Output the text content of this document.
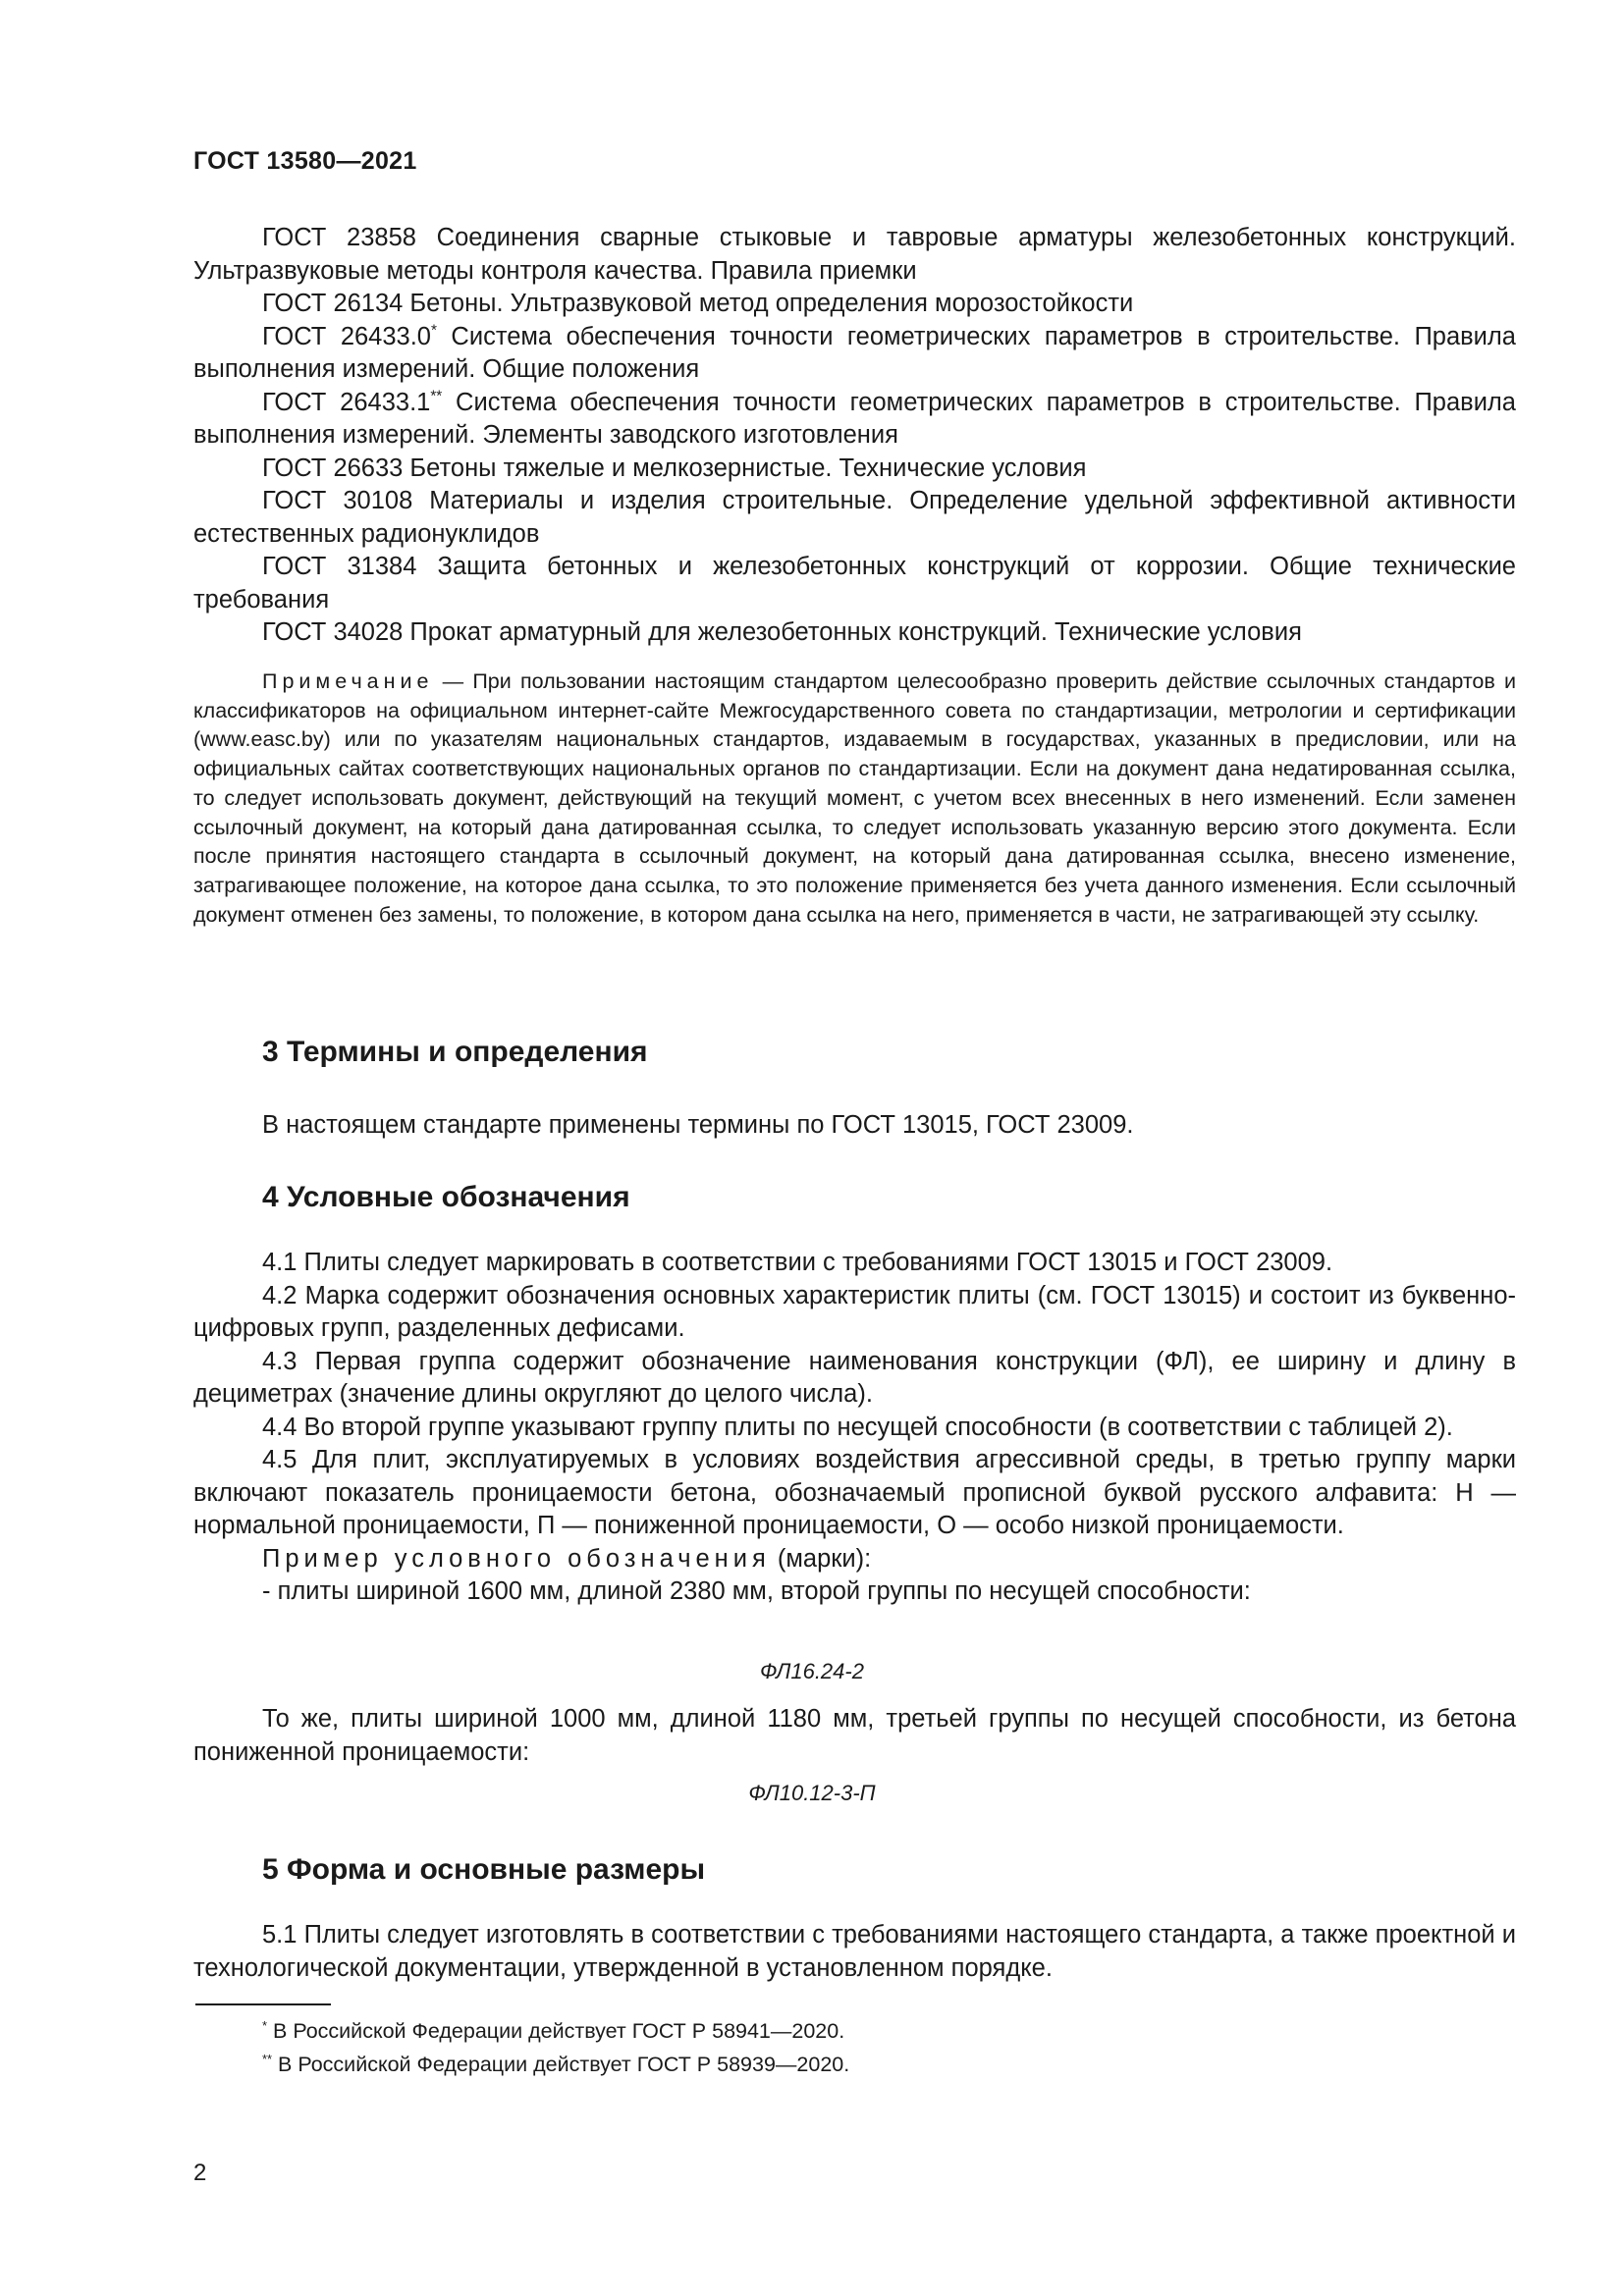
ГОСТ 13580—2021

ГОСТ 23858 Соединения сварные стыковые и тавровые арматуры железобетонных конструкций. Ультразвуковые методы контроля качества. Правила приемки

ГОСТ 26134 Бетоны. Ультразвуковой метод определения морозостойкости

ГОСТ 26433.0* Система обеспечения точности геометрических параметров в строительстве. Правила выполнения измерений. Общие положения

ГОСТ 26433.1** Система обеспечения точности геометрических параметров в строительстве. Правила выполнения измерений. Элементы заводского изготовления

ГОСТ 26633 Бетоны тяжелые и мелкозернистые. Технические условия

ГОСТ 30108 Материалы и изделия строительные. Определение удельной эффективной активности естественных радионуклидов

ГОСТ 31384 Защита бетонных и железобетонных конструкций от коррозии. Общие технические требования

ГОСТ 34028 Прокат арматурный для железобетонных конструкций. Технические условия

Примечание — При пользовании настоящим стандартом целесообразно проверить действие ссылочных стандартов и классификаторов на официальном интернет-сайте Межгосударственного совета по стандартизации, метрологии и сертификации (www.easc.by) или по указателям национальных стандартов, издаваемым в государствах, указанных в предисловии, или на официальных сайтах соответствующих национальных органов по стандартизации. Если на документ дана недатированная ссылка, то следует использовать документ, действующий на текущий момент, с учетом всех внесенных в него изменений. Если заменен ссылочный документ, на который дана датированная ссылка, то следует использовать указанную версию этого документа. Если после принятия настоящего стандарта в ссылочный документ, на который дана датированная ссылка, внесено изменение, затрагивающее положение, на которое дана ссылка, то это положение применяется без учета данного изменения. Если ссылочный документ отменен без замены, то положение, в котором дана ссылка на него, применяется в части, не затрагивающей эту ссылку.

3 Термины и определения

В настоящем стандарте применены термины по ГОСТ 13015, ГОСТ 23009.

4 Условные обозначения

4.1 Плиты следует маркировать в соответствии с требованиями ГОСТ 13015 и ГОСТ 23009.

4.2 Марка содержит обозначения основных характеристик плиты (см. ГОСТ 13015) и состоит из буквенно-цифровых групп, разделенных дефисами.

4.3 Первая группа содержит обозначение наименования конструкции (ФЛ), ее ширину и длину в дециметрах (значение длины округляют до целого числа).

4.4 Во второй группе указывают группу плиты по несущей способности (в соответствии с таблицей 2).

4.5 Для плит, эксплуатируемых в условиях воздействия агрессивной среды, в третью группу марки включают показатель проницаемости бетона, обозначаемый прописной буквой русского алфавита: Н — нормальной проницаемости, П — пониженной проницаемости, О — особо низкой проницаемости.

Пример условного обозначения (марки):

- плиты шириной 1600 мм, длиной 2380 мм, второй группы по несущей способности:

ФЛ16.24-2

То же, плиты шириной 1000 мм, длиной 1180 мм, третьей группы по несущей способности, из бетона пониженной проницаемости:

ФЛ10.12-3-П

5 Форма и основные размеры

5.1 Плиты следует изготовлять в соответствии с требованиями настоящего стандарта, а также проектной и технологической документации, утвержденной в установленном порядке.

* В Российской Федерации действует ГОСТ Р 58941—2020.

** В Российской Федерации действует ГОСТ Р 58939—2020.

2
